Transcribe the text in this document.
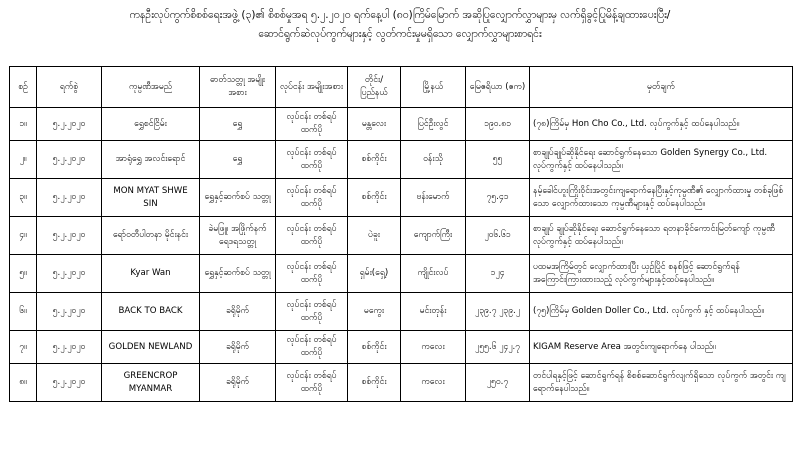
ကနဦးလုပ်ကွက်စိစစ်ရေးအဖွဲ့ (၃)၏ စိစစ်မှုအရ ၅.၂.၂၀၂၀ ရက်နေ့ပါ (၈၀)ကြိမ်မြောက် အဆိုပြုလျှောက်လွှာများမှ လက်ရှိခွင့်ပြုမိန့်ချထားပေးပြီး/
ဆောင်ရွက်ဆဲလုပ်ကွက်များနှင့် လွတ်ကင်းမှုမရှိသော လျှောက်လွှာများစာရင်း
စဉ်	ရက်စွဲ	ကုမ္ပဏီအမည်	ဓာတ်သတ္တု အမျိုးအစား	လုပ်ငန်း အမျိုးအစား	တိုင်း/ ပြည်နယ်	မြို့နယ်	မြေဧရိယာ (ဧက)	မှတ်ချက်
၁။	၅.၂.၂၀၂၀	ရွှေစင်ငြိမ်း	ရွှေ	လုပ်ငန်း တစ်ရပ်ထက်ပို	မန္တလေး	ပြင်ဦးလွင်	၁၉၀.၈၁	(၇၈)ကြိမ်မှ Hon Cho Co., Ltd. လုပ်ကွက်နှင့် ထပ်နေပါသည်။
၂။	၅.၂.၂၀၂၀	အာရုံရွှေ အလင်းရောင်	ရွှေ	လုပ်ငန်း တစ်ရပ်ထက်ပို	စစ်ကိုင်း	ဝန်းသို	၅၅	စာချုပ်ချုပ်ဆိုနိုင်ရေး ဆောင်ရွက်နေသော Golden Synergy Co., Ltd. လုပ်ကွက်နှင့် ထပ်နေပါသည်။
၃။	၅.၂.၂၀၂၀	MON MYAT SHWE SIN	ရွှေနှင့်ဆက်စပ် သတ္တု	လုပ်ငန်း တစ်ရပ်ထက်ပို	စစ်ကိုင်း	ဗန်းမောက်	၇၅.၄၁	နမ့်ခေါင်ဟူးကြိုးဝိုင်းအတွင်းကျရောက်နေပြီးနှင့်ကုမ္ပဏီ၏ လျှောက်ထားမှု တစ်ခုဖြစ်သော လျှောက်ထားသော ကုမ္ပဏီများနှင့် ထပ်နေပါသည်။
၄။	၅.၂.၂၀၂၀	ရော်ဝတီပါတနာ မိုင်းနင်း	ခဲမဖြူ၊ အဖြိုက်နက် ရေဒရသတ္တု	လုပ်ငန်း တစ်ရပ်ထက်ပို	ပဲခူး	ကျောက်ကြီး	၂၀၆.၆၁	စာချုပ် ချုပ်ဆိုနိုင်ရေး ဆောင်ရွက်နေသော ရတနာခိုင်ကောင်းမြတ်ကျော် ကုမ္ပဏီလုပ်ကွက်နှင့် ထပ်နေပါသည်။
၅။	၅.၂.၂၀၂၀	Kyar Wan	ရွှေနှင့်ဆက်စပ် သတ္တု	လုပ်ငန်း တစ်ရပ်ထက်ပို	ရှမ်း(ရှေ့)	ကျိုင်းလပ်	၁၂၄	ပထမအကြိမ်တွင် လျှောက်ထားပြီး ယှဉ်ပြိုင် စနစ်ဖြင့် ဆောင်ရွက်ရန် အကြောင်းကြားထားသည့် လုပ်ကွက်များနှင့်ထပ်နေပါသည်။
၆။	၅.၂.၂၀၂၀	BACK TO BACK	ခရိုမိုက်	လုပ်ငန်း တစ်ရပ်ထက်ပို	မကွေး	မင်းတုန်း	၂၃၉.၇ ၂၃၉.၂	(၇၅)ကြိမ်မှ Golden Doller Co., Ltd. လုပ်ကွက် နှင့် ထပ်နေပါသည်။
၇။	၅.၂.၂၀၂၀	GOLDEN NEWLAND	ခရိုမိုက်	လုပ်ငန်း တစ်ရပ်ထက်ပို	စစ်ကိုင်း	ကလေး	၂၅၅.၆ ၂၄၂.၇	KIGAM Reserve Area အတွင်းကျရောက်နေ ပါသည်။
၈။	၅.၂.၂၀၂၀	GREENCROP MYANMAR	ခရိုမိုက်	လုပ်ငန်း တစ်ရပ်ထက်ပို	စစ်ကိုင်း	ကလေး	၂၅၀.၇	တင်ပါရနှင့်ဖြင့် ဆောင်ရွက်ရန် စိစစ်ဆောင်ရွက်လျက်ရှိသော လုပ်ကွက် အတွင်း ကျရောက်နေပါသည်။
